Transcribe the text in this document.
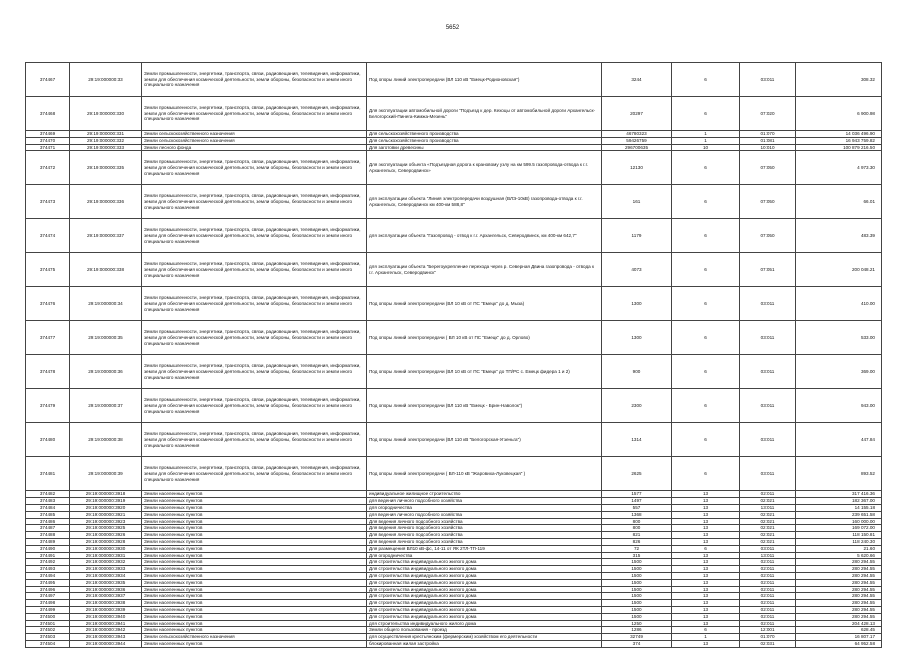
5652
374467	29:19:000000:33	Земли промышленности, энергетики, транспорта, связи, радиовещания, телевидения, информатики, земли для обеспечения космической деятельности, земли обороны, безопасности и земли иного специального назначения	Под опоры линий электропередачи (ВЛ 110 кВ "Емецк-Родионовская")	3244	6	03:011	308.32
374468	29:19:000000:330	Земли промышленности, энергетики, транспорта, связи, радиовещания, телевидения, информатики, земли для обеспечения космической деятельности, земли обороны, безопасности и земли иного специального назначения	Для эксплуатации автомобильной дороги "Подъезд к дер. Кехоцы от автомобильной дороги Архангельск-Белогорский-Пинега-Кимжа-Мезень"	20297	6	07:020	6 900.98
374469	29:19:000000:331	Земли сельскохозяйственного назначения	Для сельскохозяйственного производства	46780323	1	01:070	14 036 496.90
374470	29:19:000000:332	Земли сельскохозяйственного назначения	Для сельскохозяйственного производства	59426759	1	01:081	16 943 759.82
374471	29:19:000000:333	Земли лесного фонда	Для заготовки древесины	296700635	10	10:010	100 879 216.50
374472	29:19:000000:335	Земли промышленности, энергетики, транспорта, связи, радиовещания, телевидения, информатики, земли для обеспечения космической деятельности, земли обороны, безопасности и земли иного специального назначения	Для эксплуатации объекта «Подъездная дорога к крановому узлу на км 599.5 газопровода-отвода к г.г. Архангельск, Северодвинск»	12130	6	07:050	4 973.30
374473	29:19:000000:336	Земли промышленности, энергетики, транспорта, связи, радиовещания, телевидения, информатики, земли для обеспечения космической деятельности, земли обороны, безопасности и земли иного специального назначения	для эксплуатации объекта "Линия электропередачи воздушная (ВЛЭ-10кВ) газопровода-отвода к г.г. Архангельск, Северодвинск км 400-км 588,8"	161	6	07:050	66.01
374474	29:19:000000:337	Земли промышленности, энергетики, транспорта, связи, радиовещания, телевидения, информатики, земли для обеспечения космической деятельности, земли обороны, безопасности и земли иного специального назначения	для эксплуатации объекта "Газопровод - отвод к г.г. Архангельск, Северодвинск, км 400-км 642,7"	1179	6	07:050	483.39
374475	29:19:000000:338	Земли промышленности, энергетики, транспорта, связи, радиовещания, телевидения, информатики, земли для обеспечения космической деятельности, земли обороны, безопасности и земли иного специального назначения	для эксплуатации объекта "Берегоукрепление перехода через р. Северная Двина газопровода - отвода к г.г. Архангельск, Северодвинск"	4073	6	07:051	200 048.21
374476	29:19:000000:34	Земли промышленности, энергетики, транспорта, связи, радиовещания, телевидения, информатики, земли для обеспечения космической деятельности, земли обороны, безопасности и земли иного специального назначения	Под опоры линий электропередачи (ВЛ 10 кВ от ПС "Емецк" до д. Мыза)	1300	6	03:011	410.00
374477	29:19:000000:35	Земли промышленности, энергетики, транспорта, связи, радиовещания, телевидения, информатики, земли для обеспечения космической деятельности, земли обороны, безопасности и земли иного специального назначения	Под опоры линий электропередачи ( ВЛ 10 кВ от ПС "Емецк" до д. Орлово)	1300	6	03:011	533.00
374478	29:19:000000:36	Земли промышленности, энергетики, транспорта, связи, радиовещания, телевидения, информатики, земли для обеспечения космической деятельности, земли обороны, безопасности и земли иного специального назначения	Под опоры линий электропередачи (ВЛ 10 кВ от ПС "Емецк" до ТП/РС с. Емецк фидера 1 и 2)	900	6	03:011	369.00
374479	29:19:000000:37	Земли промышленности, энергетики, транспорта, связи, радиовещания, телевидения, информатики, земли для обеспечения космической деятельности, земли обороны, безопасности и земли иного специального назначения	Под опоры линий электропередачи (ВЛ 110 кВ "Емецк - Брин-Наволок")	2300	6	03:011	943.00
374480	29:19:000000:38	Земли промышленности, энергетики, транспорта, связи, радиовещания, телевидения, информатики, земли для обеспечения космической деятельности, земли обороны, безопасности и земли иного специального назначения	Под опоры линий электропередачи (ВЛ 110 кВ "Белогорская-Угзеньга")	1314	6	03:011	447.84
374481	29:19:000000:39	Земли промышленности, энергетики, транспорта, связи, радиовещания, телевидения, информатики, земли для обеспечения космической деятельности, земли обороны, безопасности и земли иного специального назначения	Под опоры линий электропередачи ( ВЛ-110 кВ "Жаровиха-Луковецкая" )	2625	6	03:011	893.52
374482	29:19:000000:3918	Земли населенных пунктов	индивидуальное жилищное строительство	1577	13	02:011	317 416.36
374483	29:19:000000:3919	Земли населенных пунктов	для ведения личного подсобного хозяйства	1497	13	02:021	182 367.00
374484	29:19:000000:3920	Земли населенных пунктов	для огородничества	557	13	13:011	14 155.18
374485	29:19:000000:3921	Земли населенных пунктов	для ведения личного подсобного хозяйства	1368	13	02:021	239 651.58
374486	29:19:000000:3923	Земли населенных пунктов	Для ведения личного подсобного хозяйства	800	13	02:021	160 000.00
374487	29:19:000000:3925	Земли населенных пунктов	Для ведения личного подсобного хозяйства	800	13	02:021	169 072.00
374488	29:19:000000:3926	Земли населенных пунктов	Для ведения личного подсобного хозяйства	821	13	02:021	118 150.81
374489	29:19:000000:3928	Земли населенных пунктов	Для ведения личного подсобного хозяйства	826	13	02:021	118 240.30
374490	29:19:000000:3930	Земли населенных пунктов	Для размещения ВЛ10 кВ-фс, 14-11 от ЯК 2ТЛ-ТП-119	72	6	03:011	21.60
374491	29:19:000000:3931	Земли населенных пунктов	Для огородничества	315	13	13:011	5 620.66
374492	29:19:000000:3932	Земли населенных пунктов	Для строительства индивидуального жилого дома	1500	13	02:011	280 294.55
374493	29:19:000000:3933	Земли населенных пунктов	Для строительства индивидуального жилого дома	1500	13	02:011	280 294.55
374494	29:19:000000:3934	Земли населенных пунктов	Для строительства индивидуального жилого дома	1500	13	02:011	280 294.55
374495	29:19:000000:3935	Земли населенных пунктов	Для строительства индивидуального жилого дома	1500	13	02:011	280 294.55
374496	29:19:000000:3936	Земли населенных пунктов	Для строительства индивидуального жилого дома	1500	13	02:011	280 294.55
374497	29:19:000000:3937	Земли населенных пунктов	Для строительства индивидуального жилого дома	1500	13	02:011	280 294.55
374498	29:19:000000:3938	Земли населенных пунктов	Для строительства индивидуального жилого дома	1500	13	02:011	280 294.55
374499	29:19:000000:3939	Земли населенных пунктов	Для строительства индивидуального жилого дома	1500	13	02:011	280 294.55
374500	29:19:000000:3940	Земли населенных пунктов	Для строительства индивидуального жилого дома	1500	13	02:011	280 294.55
374501	29:19:000000:3941	Земли населенных пунктов	для строительства индивидуального жилого дома	1250	13	02:011	204 428.13
374502	29:19:000000:3942	Земли населенных пунктов	Земли общего пользования - проезд	1286	6	12:001	628.45
374503	29:19:000000:3943	Земли сельскохозяйственного назначения	для осуществления крестьянским (фермерским) хозяйством его деятельности	32749	1	01:070	16 807.17
374504	29:19:000000:3944	Земли населенных пунктов	блокированная жилая застройка	374	13	02:031	64 952.58
